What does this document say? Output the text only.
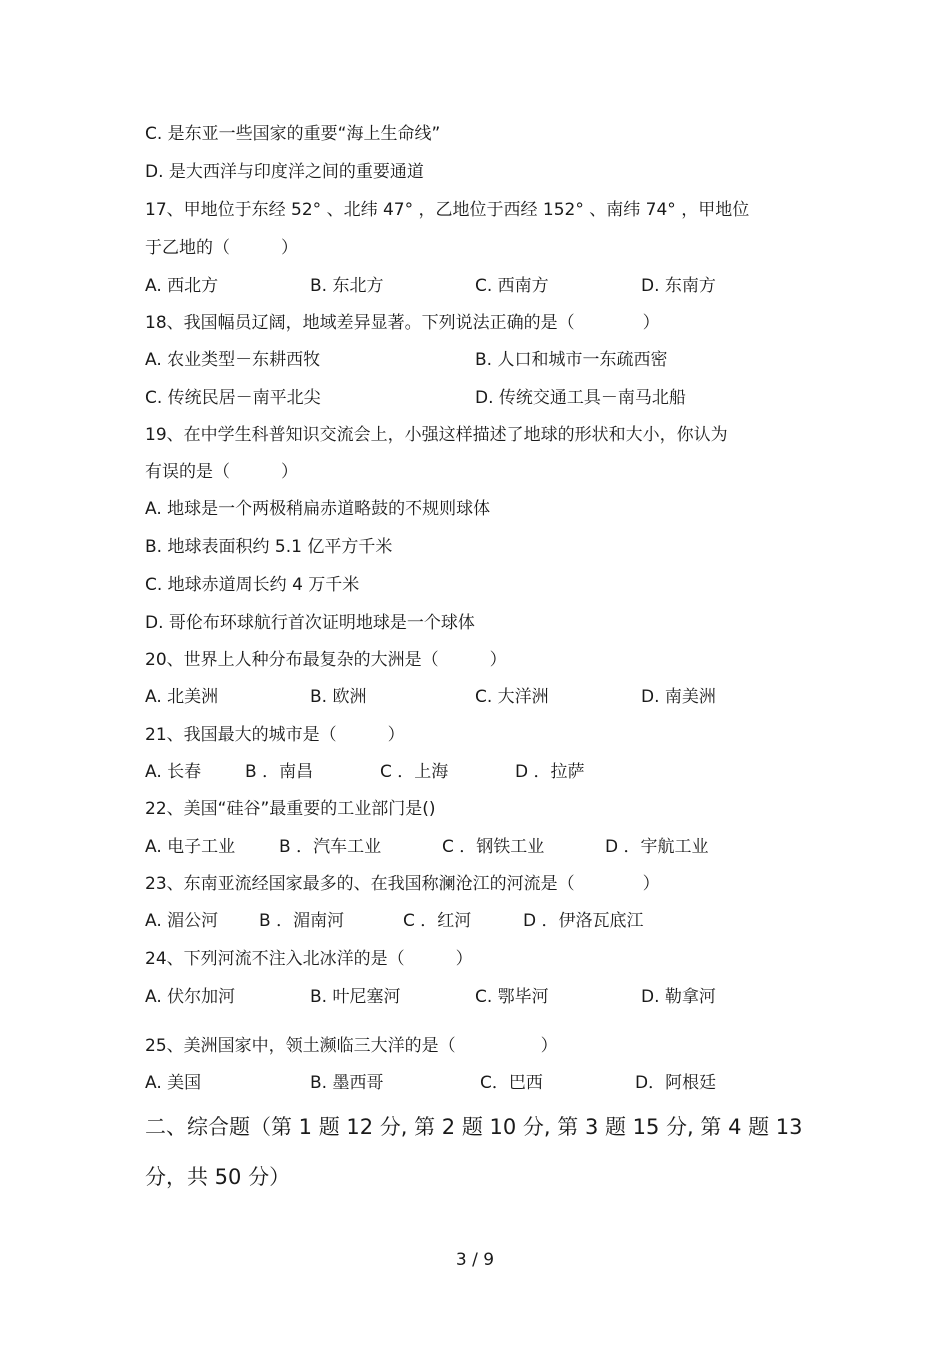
C. 是东亚一些国家的重要“海上生命线”
D. 是大西洋与印度洋之间的重要通道
17、甲地位于东经 52° 、北纬 47° ，乙地位于西经 152° 、南纬 74° ，甲地位
于乙地的（　　　）
A. 西北方	B. 东北方	C. 西南方	D. 东南方
18、我国幅员辽阔，地域差异显著。下列说法正确的是（　　　　）
A. 农业类型－东耕西牧	B. 人口和城市一东疏西密
C. 传统民居－南平北尖	D. 传统交通工具－南马北船
19、在中学生科普知识交流会上，小强这样描述了地球的形状和大小，你认为
有误的是（　　　）
A. 地球是一个两极稍扁赤道略鼓的不规则球体
B. 地球表面积约 5.1 亿平方千米
C. 地球赤道周长约 4 万千米
D. 哥伦布环球航行首次证明地球是一个球体
20、世界上人种分布最复杂的大洲是（　　　）
A. 北美洲	B. 欧洲	C. 大洋洲	D. 南美洲
21、我国最大的城市是（　　　）
A. 长春	B ．南昌	C ．上海	D ．拉萨
22、美国“硅谷”最重要的工业部门是()
A. 电子工业	B ．汽车工业	C ．钢铁工业	D ．宇航工业
23、东南亚流经国家最多的、在我国称澜沧江的河流是（　　　　）
A. 湄公河 B ．湄南河	C ．红河	D ．伊洛瓦底江
24、下列河流不注入北冰洋的是（　　　）
A. 伏尔加河	B. 叶尼塞河	C. 鄂毕河	D. 勒拿河
25、美洲国家中，领土濒临三大洋的是（　　　　　）
A. 美国	B. 墨西哥	C．巴西	D．阿根廷
二、综合题（第 1 题 12 分, 第 2 题 10 分, 第 3 题 15 分, 第 4 题 13
分，共 50 分）
3 / 9
